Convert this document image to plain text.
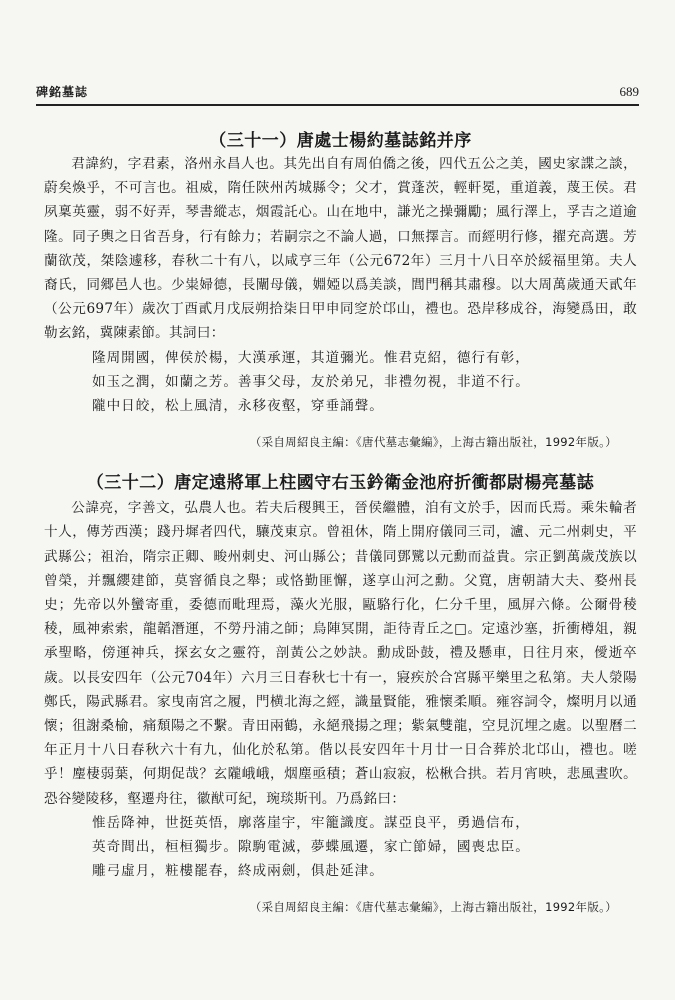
碑銘墓誌	689
（三十一）唐處士楊約墓誌銘并序

君諱約，字君素，洛州永昌人也。其先出自有周伯僑之後，四代五公之美，國史家諜之談，蔚矣煥乎，不可言也。祖威，隋任陝州芮城縣令；父才，賞蓬茨，輕軒冕，重道義，蔑王侯。君夙稟英靈，弱不好弄，琴書縱志，烟霞託心。山在地中，謙光之操彌勵；風行澤上，孚吉之道逾隆。同子輿之日省吾身，行有餘力；若嗣宗之不論人過，口無擇言。而經明行修，擢充高選。芳蘭欲茂，桀陰遽移，春秋二十有八，以咸亨三年（公元672年）三月十八日卒於綏福里第。夫人裔氏，同郷邑人也。少粜婦德，長闡母儀，婣婭以爲美談，閭門稱其肅穆。以大周萬歲通天貳年（公元697年）歲次丁酉貳月戊辰朔拾柒日甲申同窆於邙山，禮也。恐岸移成谷，海變爲田，敢勒玄銘，冀陳素節。其詞曰：

隆周開國，俾侯於楊，大漢承運，其道彌光。惟君克紹，德行有彰，
如玉之潤，如蘭之芳。善事父母，友於弟兄，非禮勿視，非道不行。
隴中日皎，松上風清，永移夜壑，穿垂誦聲。
（采自周紹良主編：《唐代墓志彙編》，上海古籍出版社，1992年版。）
（三十二）唐定遠將軍上柱國守右玉鈐衛金池府折衝都尉楊亮墓誌

公諱亮，字善文，弘農人也。若夫后稷興王，晉侯繼體，洎有文於手，因而氏焉。乘朱輪者十人，傳芳西漢；踐丹墀者四代，驤茂東京。曾祖休，隋上開府儀同三司，瀘、元二州刺史，平武縣公；祖治，隋宗正卿、畯州刺史、河山縣公；昔儀同鄧騭以元勳而益貴。宗正劉萬歲茂族以曾榮，并飄纓建節，莫窨循良之舉；或恪勤匪懈，遂享山河之勳。父寬，唐朝請大夫、婺州長史；先帝以外蠻寄重，委德而毗理焉，藻火光服，甌駱行化，仁分千里，風屏六條。公爾骨稜稜，風神索索，龍韜潛運，不勞丹浦之師；烏陣冥開，詎待青丘之□。定遠沙塞，折衝樽俎，親承聖略，傍運神兵，探玄女之靈符，剖黃公之妙訣。勳成卧鼓，禮及懸車，日往月來，僾逝卒歲。以長安四年（公元704年）六月三日春秋七十有一，寢疾於合宮縣平樂里之私第。夫人滎陽鄭氏，陽武縣君。家曳南宮之履，門横北海之經，識量賢能，雅懷柔順。雍容詞令，燦明月以通懷；徂謝桑榆，痛頹陽之不繫。青田兩鶴，永絕飛揚之理；紫氣雙龍，空見沉埋之處。以聖曆二年正月十八日春秋六十有九，仙化於私第。偕以長安四年十月廿一日合葬於北邙山，禮也。嗟乎！麈棲弱葉，何期促哉？玄隴峨峨，烟塵亟積；蒼山寂寂，松楸合拱。若月宵映，悲風晝吹。恐谷變陵移，壑遷舟往，徽猷可紀，琬琰斯刊。乃爲銘曰：

惟岳降神，世挺英悟，廓落崖宇，牢籠識度。謀亞良平，勇過信布，
英奇間出，桓桓獨步。隙駒電滅，夢蝶風遷，家亡節婦，國喪忠臣。
雕弓虛月，粧樓罷春，終成兩劍，俱赴延津。
（采自周紹良主編：《唐代墓志彙編》，上海古籍出版社，1992年版。）
